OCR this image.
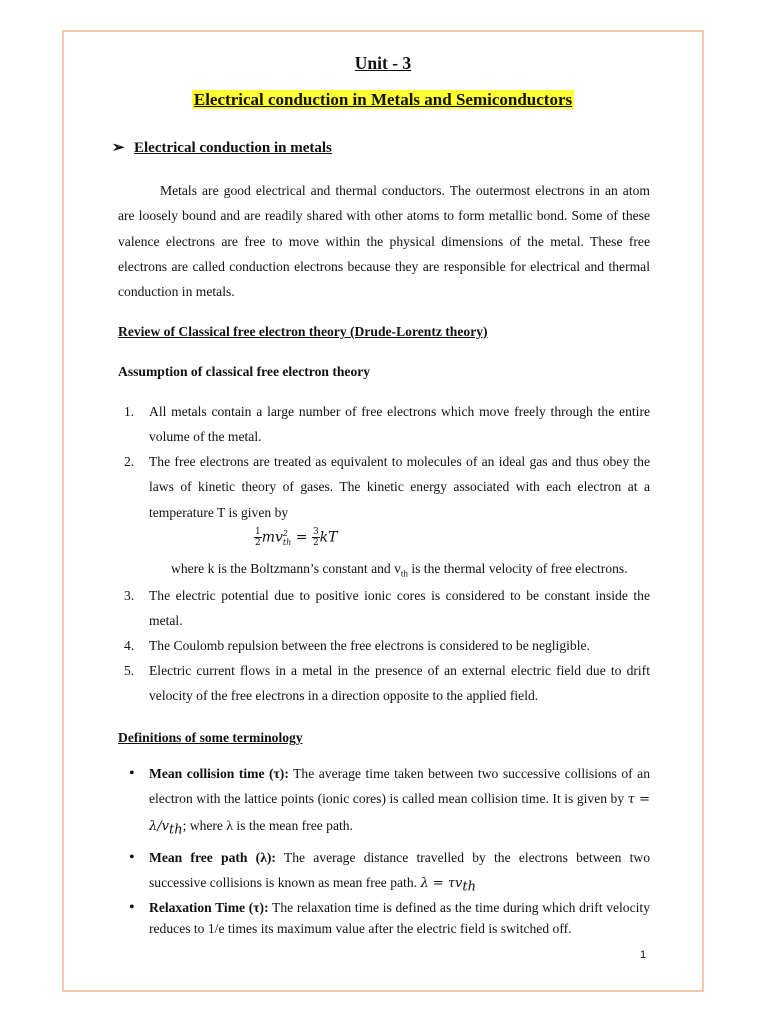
Unit - 3
Electrical conduction in Metals and Semiconductors
➢ Electrical conduction in metals

Metals are good electrical and thermal conductors. The outermost electrons in an atom are loosely bound and are readily shared with other atoms to form metallic bond. Some of these valence electrons are free to move within the physical dimensions of the metal. These free electrons are called conduction electrons because they are responsible for electrical and thermal conduction in metals.

Review of Classical free electron theory (Drude-Lorentz theory)
Assumption of classical free electron theory
1. All metals contain a large number of free electrons which move freely through the entire volume of the metal.
2. The free electrons are treated as equivalent to molecules of an ideal gas and thus obey the laws of kinetic theory of gases. The kinetic energy associated with each electron at a temperature T is given by
$\frac{1}{2}$ mv 2
th = $\frac{3}{2}$ kT
where k is the Boltzmann’s constant and $v_{th}$ is the thermal velocity of free electrons.
3. The electric potential due to positive ionic cores is considered to be constant inside the metal.
4. The Coulomb repulsion between the free electrons is considered to be negligible.
5. Electric current flows in a metal in the presence of an external electric field due to drift velocity of the free electrons in a direction opposite to the applied field.
Definitions of some terminology
• Mean collision time (τ): The average time taken between two successive collisions of an electron with the lattice points (ionic cores) is called mean collision time. It is given by τ = λ/vth; where λ is the mean free path.
• Mean free path (λ): The average distance travelled by the electrons between two successive collisions is known as mean free path. λ = τvth
• Relaxation Time (τ): The relaxation time is defined as the time during which drift velocity reduces to 1/e times its maximum value after the electric field is switched off.
1
